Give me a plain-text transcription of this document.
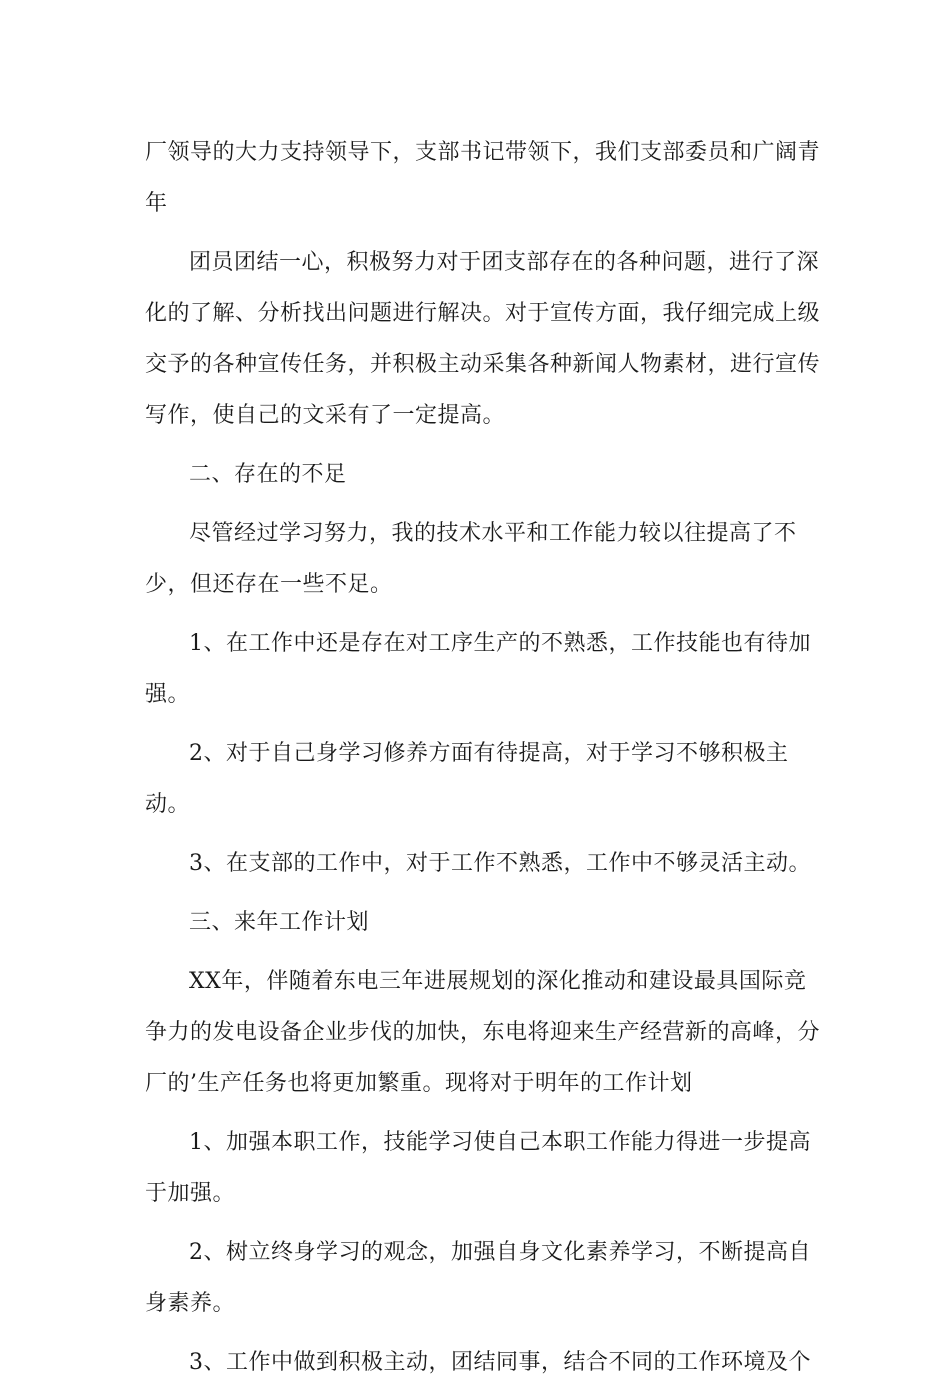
厂领导的大力支持领导下，支部书记带领下，我们支部委员和广阔青年

团员团结一心，积极努力对于团支部存在的各种问题，进行了深化的了解、分析找出问题进行解决。对于宣传方面，我仔细完成上级交予的各种宣传任务，并积极主动采集各种新闻人物素材，进行宣传写作，使自己的文采有了一定提高。

二、存在的不足

尽管经过学习努力，我的技术水平和工作能力较以往提高了不少，但还存在一些不足。

1、在工作中还是存在对工序生产的不熟悉，工作技能也有待加强。

2、对于自己身学习修养方面有待提高，对于学习不够积极主动。

3、在支部的工作中，对于工作不熟悉，工作中不够灵活主动。

三、来年工作计划

XX年，伴随着东电三年进展规划的深化推动和建设最具国际竞争力的发电设备企业步伐的加快，东电将迎来生产经营新的高峰，分厂的’生产任务也将更加繁重。现将对于明年的工作计划

1、加强本职工作，技能学习使自己本职工作能力得进一步提高于加强。

2、树立终身学习的观念，加强自身文化素养学习，不断提高自身素养。

3、工作中做到积极主动，团结同事，结合不同的工作环境及个
